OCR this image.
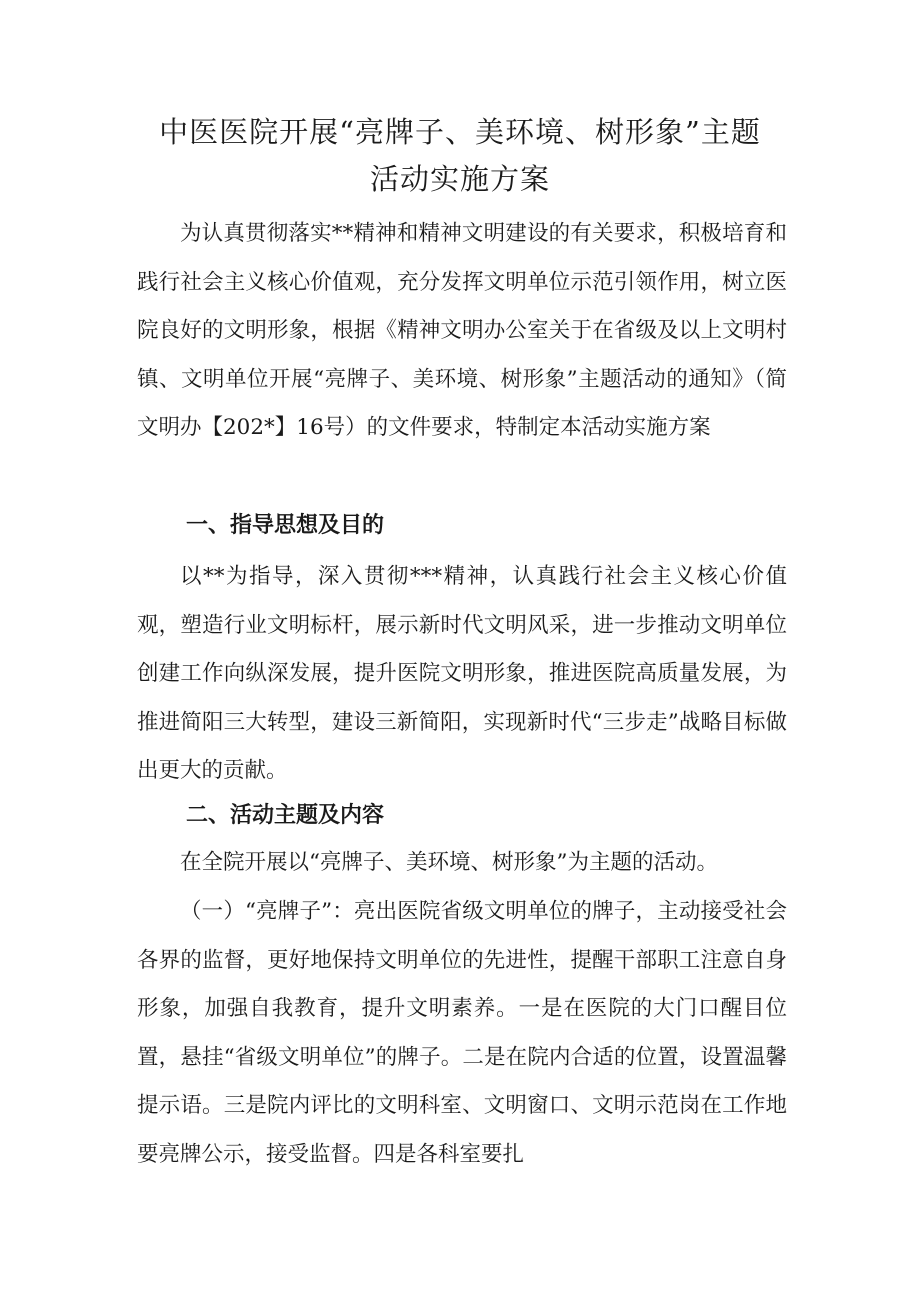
中医医院开展“亮牌子、美环境、树形象”主题
活动实施方案
为认真贯彻落实**精神和精神文明建设的有关要求，积极培育和践行社会主义核心价值观，充分发挥文明单位示范引领作用，树立医院良好的文明形象，根据《精神文明办公室关于在省级及以上文明村镇、文明单位开展“亮牌子、美环境、树形象”主题活动的通知》（简文明办【202*】16号）的文件要求，特制定本活动实施方案
一、指导思想及目的
以**为指导，深入贯彻***精神，认真践行社会主义核心价值观，塑造行业文明标杆，展示新时代文明风采，进一步推动文明单位创建工作向纵深发展，提升医院文明形象，推进医院高质量发展，为推进简阳三大转型，建设三新简阳，实现新时代“三步走”战略目标做出更大的贡献。
二、活动主题及内容
在全院开展以“亮牌子、美环境、树形象”为主题的活动。
（一）“亮牌子”：亮出医院省级文明单位的牌子，主动接受社会各界的监督，更好地保持文明单位的先进性，提醒干部职工注意自身形象，加强自我教育，提升文明素养。一是在医院的大门口醒目位置，悬挂“省级文明单位”的牌子。二是在院内合适的位置，设置温馨提示语。三是院内评比的文明科室、文明窗口、文明示范岗在工作地要亮牌公示，接受监督。四是各科室要扎
